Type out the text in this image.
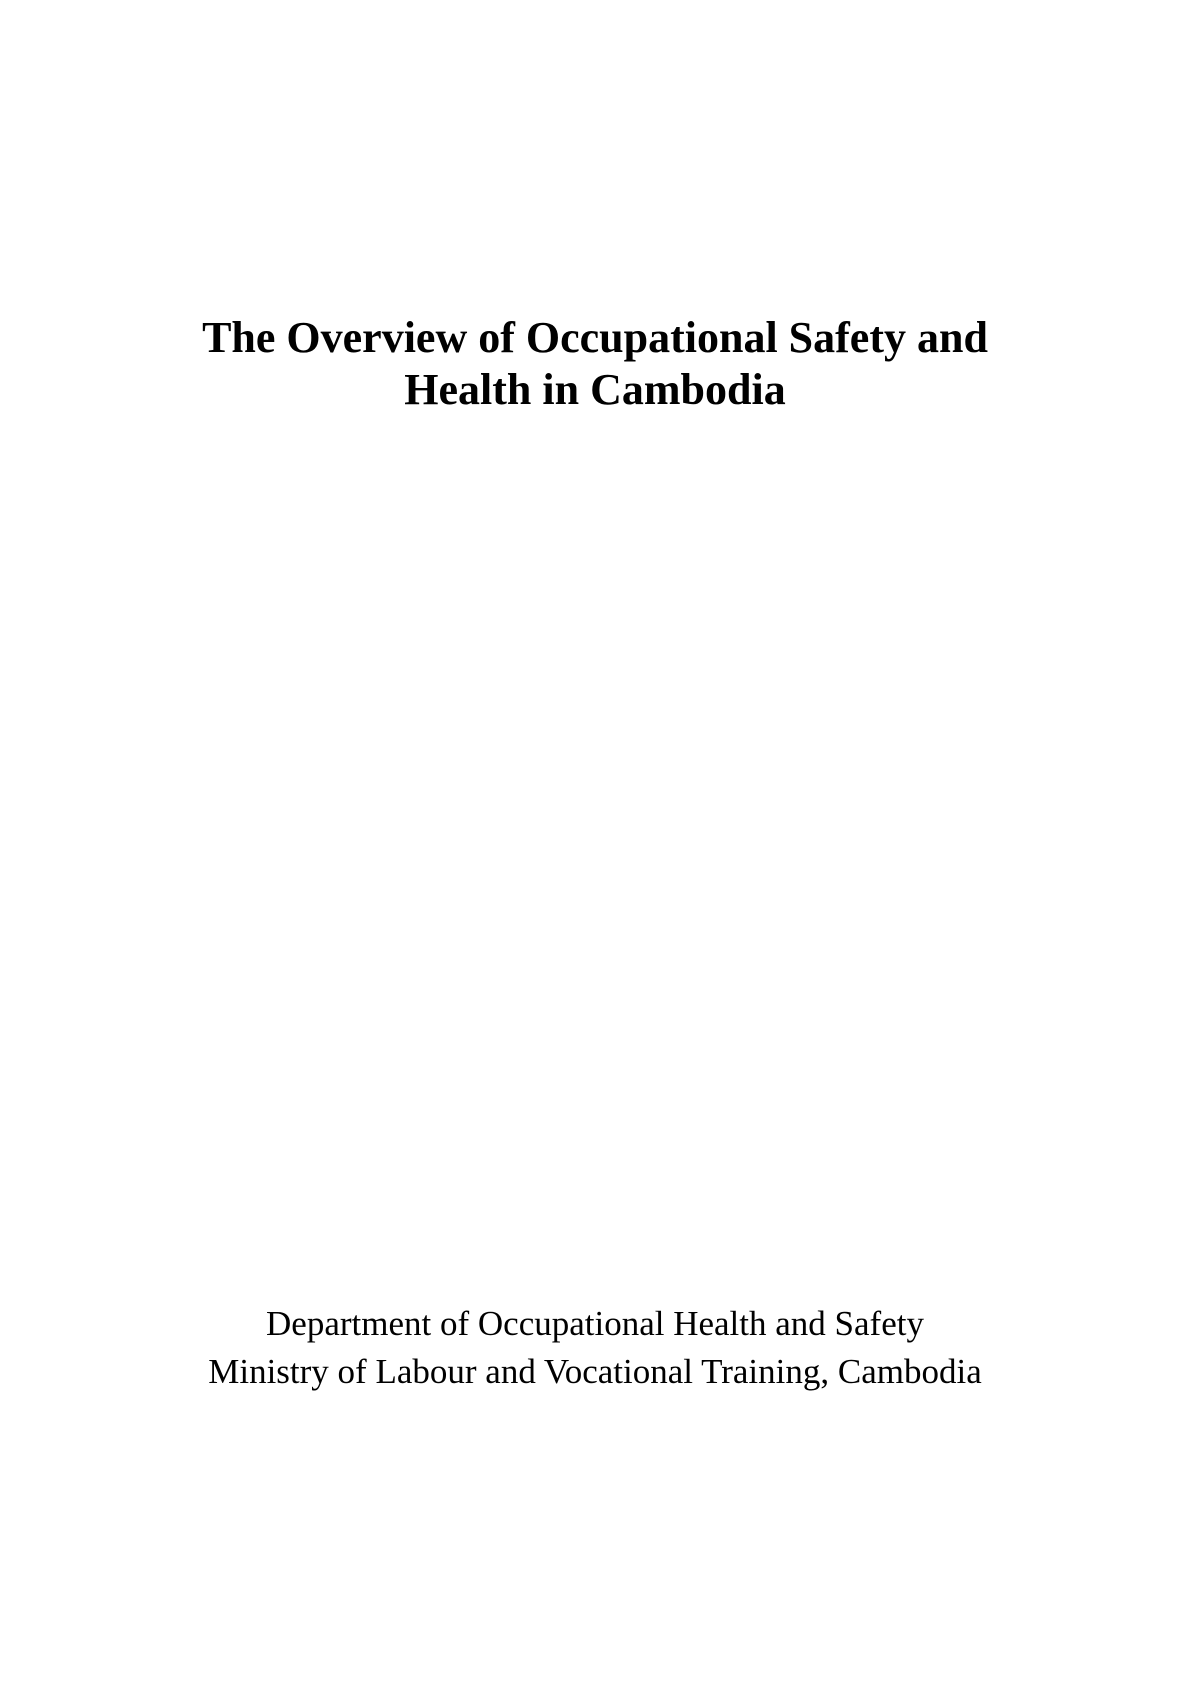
The Overview of Occupational Safety and
Health in Cambodia
Department of Occupational Health and Safety
Ministry of Labour and Vocational Training, Cambodia
